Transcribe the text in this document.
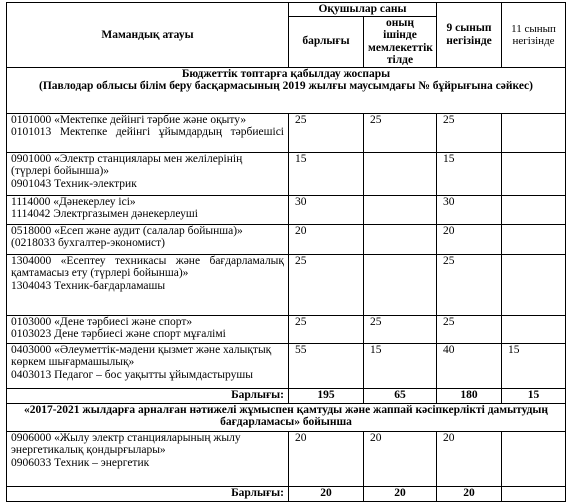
Мамандық атауы	Оқушылар саны		9 сынып негізінде	11 сынып негізінде
	барлығы	оның ішінде мемлекеттік тілде		

Бюджеттік топтарға қабылдау жоспары
(Павлодар облысы білім беру басқармасының 2019 жылғы маусымдағы № бұйрығына сәйкес)				

0101000 «Мектепке дейінгі тәрбие және оқыту»
0101013 Мектепке дейінгі ұйымдардың тәрбиешісі	25	25	25	

0901000 «Электр станциялары мен желілерінің (түрлері бойынша)»
0901043 Техник-электрик	15		15	

1114000 «Дәнекерлеу ісі»
1114042 Электргазымен дәнекерлеуші	30		30	

0518000 «Есеп және аудит (салалар бойынша)» (0218033 бухгалтер-экономист)	20		20	

1304000 «Есептеу техникасы және бағдарламалық қамтамасыз ету (түрлері бойынша)»
1304043 Техник-бағдарламашы	25		25	

0103000 «Дене тәрбиесі және спорт»
0103023 Дене тәрбиесі және спорт мұғалімі	25	25	25	

0403000 «Әлеуметтік-мәдени қызмет және халықтық көркем шығармашылық»
0403013 Педагог – бос уақытты ұйымдастырушы	55	15	40	15
Барлығы:	195	65	180	15
«2017-2021 жылдарға арналған нәтижелі жұмыспен қамтуды және жаппай кәсіпкерлікті дамытудың бағдарламасы» бойынша				

0906000 «Жылу электр станцияларының жылу энергетикалық қондырғылары»
0906033 Техник – энергетик	20	20	20	
Барлығы:	20	20	20	
